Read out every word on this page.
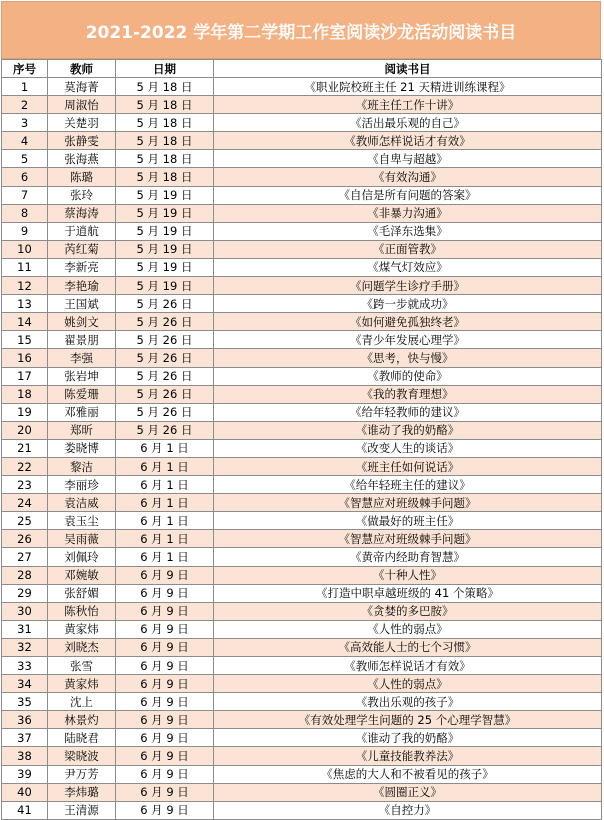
2021-2022 学年第二学期工作室阅读沙龙活动阅读书目
序号	教师	日期	阅读书目
1	莫海菁	5 月 18 日	《职业院校班主任 21 天精进训练课程》
2	周淑怡	5 月 18 日	《班主任工作十讲》
3	关楚羽	5 月 18 日	《活出最乐观的自己》
4	张静雯	5 月 18 日	《教师怎样说话才有效》
5	张海燕	5 月 18 日	《自卑与超越》
6	陈璐	5 月 18 日	《有效沟通》
7	张玲	5 月 19 日	《自信是所有问题的答案》
8	蔡海涛	5 月 19 日	《非暴力沟通》
9	于逍航	5 月 19 日	《毛泽东选集》
10	芮红菊	5 月 19 日	《正面管教》
11	李新亮	5 月 19 日	《煤气灯效应》
12	李艳瑜	5 月 19 日	《问题学生诊疗手册》
13	王国斌	5 月 26 日	《跨一步就成功》
14	姚剑文	5 月 26 日	《如何避免孤独终老》
15	翟景朋	5 月 26 日	《青少年发展心理学》
16	李强	5 月 26 日	《思考，快与慢》
17	张岩坤	5 月 26 日	《教师的使命》
18	陈爱珊	5 月 26 日	《我的教育理想》
19	邓雅丽	5 月 26 日	《给年轻教师的建议》
20	郑昕	5 月 26 日	《谁动了我的奶酪》
21	娄晓博	6 月 1 日	《改变人生的谈话》
22	黎洁	6 月 1 日	《班主任如何说话》
23	李丽珍	6 月 1 日	《给年轻班主任的建议》
24	袁洁威	6 月 1 日	《智慧应对班级棘手问题》
25	袁玉尘	6 月 1 日	《做最好的班主任》
26	吴雨薇	6 月 1 日	《智慧应对班级棘手问题》
27	刘佩玲	6 月 1 日	《黄帝内经助育智慧》
28	邓婉敏	6 月 9 日	《十种人性》
29	张舒媚	6 月 9 日	《打造中职卓越班级的 41 个策略》
30	陈秋怡	6 月 9 日	《贪婪的多巴胺》
31	黄家炜	6 月 9 日	《人性的弱点》
32	刘晓杰	6 月 9 日	《高效能人士的七个习惯》
33	张雪	6 月 9 日	《教师怎样说话才有效》
34	黄家炜	6 月 9 日	《人性的弱点》
35	沈上	6 月 9 日	《教出乐观的孩子》
36	林景灼	6 月 9 日	《有效处理学生问题的 25 个心理学智慧》
37	陆晓君	6 月 9 日	《谁动了我的奶酪》
38	梁晓波	6 月 9 日	《儿童技能教养法》
39	尹万芳	6 月 9 日	《焦虑的大人和不被看见的孩子》
40	李炜璐	6 月 9 日	《圆圈正义》
41	王清源	6 月 9 日	《自控力》
